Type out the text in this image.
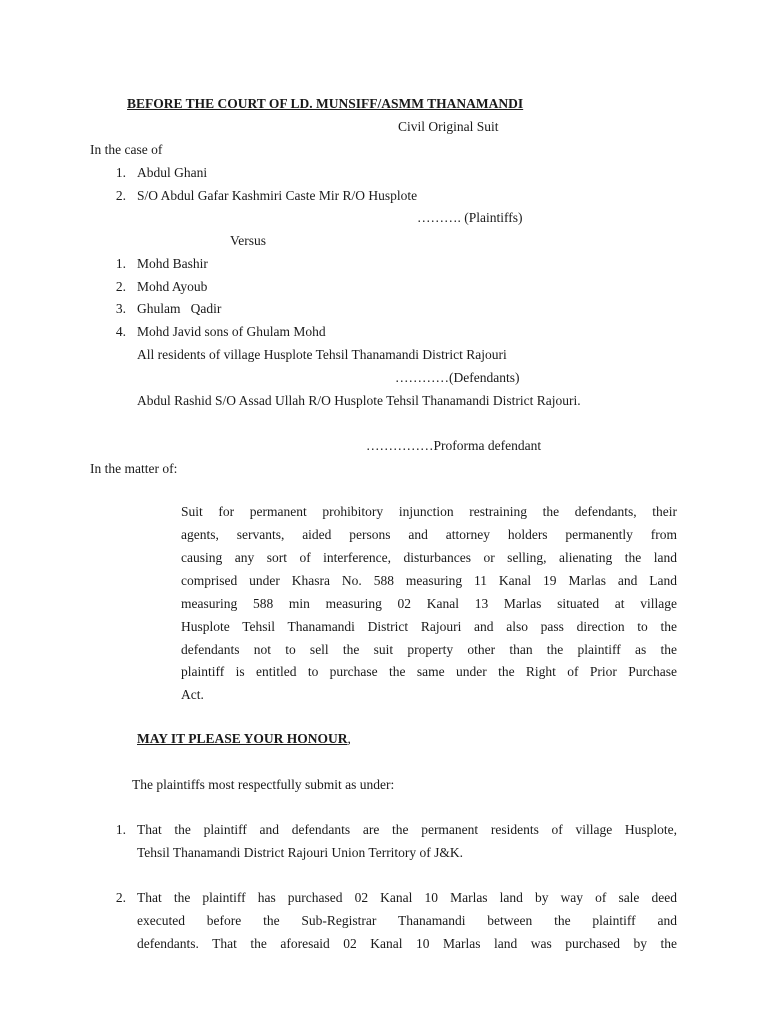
BEFORE THE COURT OF LD. MUNSIFF/ASMM THANAMANDI
Civil Original Suit
In the case of
1. Abdul Ghani
2. S/O Abdul Gafar Kashmiri Caste Mir R/O Husplote
………. (Plaintiffs)
Versus
1. Mohd Bashir
2. Mohd Ayoub
3. Ghulam   Qadir
4. Mohd Javid sons of Ghulam Mohd
All residents of village Husplote Tehsil Thanamandi District Rajouri
…………(Defendants)
Abdul Rashid S/O Assad Ullah R/O Husplote Tehsil Thanamandi District Rajouri.
……………Proforma defendant
In the matter of:
Suit for permanent prohibitory injunction restraining the defendants, their
agents, servants, aided persons and attorney holders permanently from
causing any sort of interference, disturbances or selling, alienating the land
comprised under Khasra No. 588 measuring 11 Kanal 19 Marlas and Land
measuring 588 min measuring 02 Kanal 13 Marlas situated at village
Husplote Tehsil Thanamandi District Rajouri and also pass direction to the
defendants not to sell the suit property other than the plaintiff as the
plaintiff is entitled to purchase the same under the Right of Prior Purchase
Act.
MAY IT PLEASE YOUR HONOUR,
The plaintiffs most respectfully submit as under:
1. That the plaintiff and defendants are the permanent residents of village Husplote,
Tehsil Thanamandi District Rajouri Union Territory of J&K.
2. That the plaintiff has purchased 02 Kanal 10 Marlas land by way of sale deed
executed before the Sub-Registrar Thanamandi between the plaintiff and
defendants. That the aforesaid 02 Kanal 10 Marlas land was purchased by the
